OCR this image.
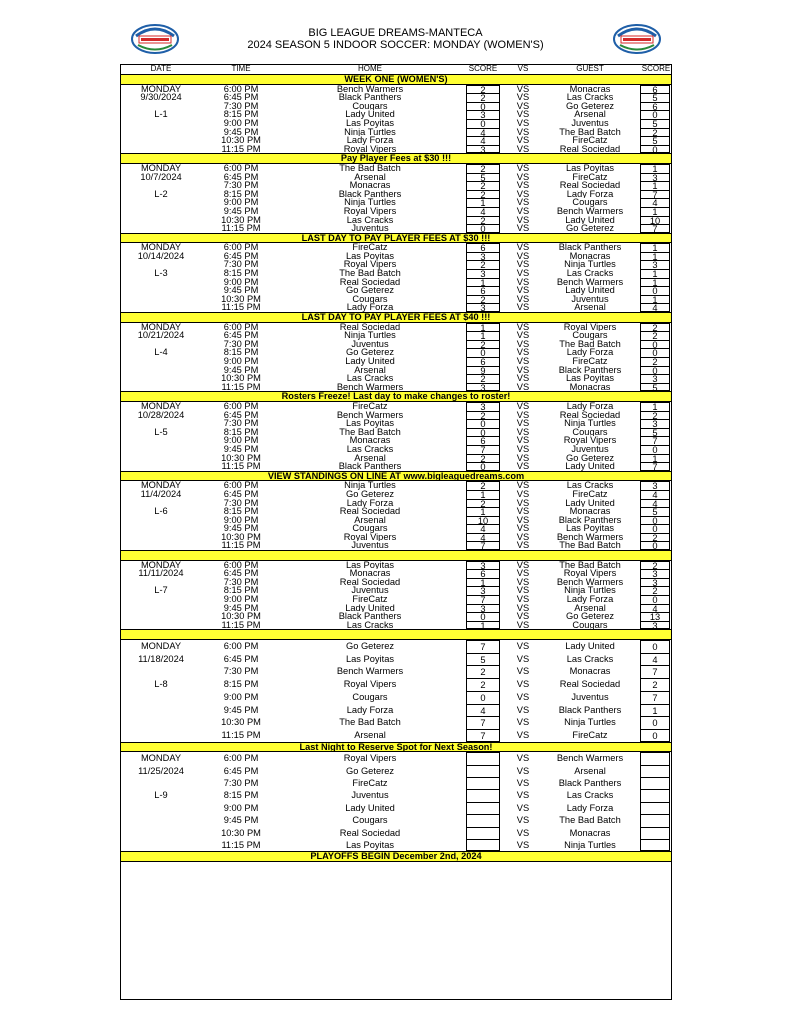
BIG LEAGUE DREAMS-MANTECA
2024 SEASON 5 INDOOR SOCCER: MONDAY (WOMEN'S)
DATE	TIME	HOME	SCORE	VS	GUEST	SCORE
WEEK ONE (WOMEN'S)						
MONDAY	6:00 PM	Bench Warmers	2	VS	Monacras	6

9/30/2024	6:45 PM	Black Panthers	2	VS	Las Cracks	5

	7:30 PM	Cougars	0	VS	Go Geterez	6

L-1	8:15 PM	Lady United	3	VS	Arsenal	0

	9:00 PM	Las Poyitas	0	VS	Juventus	5

	9:45 PM	Ninja Turtles	4	VS	The Bad Batch	2

	10:30 PM	Lady Forza	4	VS	FireCatz	5

	11:15 PM	Royal Vipers	3	VS	Real Sociedad	0

Pay Player Fees at $30 !!!						
MONDAY	6:00 PM	The Bad Batch	2	VS	Las Poyitas	1

10/7/2024	6:45 PM	Arsenal	5	VS	FireCatz	3

	7:30 PM	Monacras	2	VS	Real Sociedad	1

L-2	8:15 PM	Black Panthers	2	VS	Lady Forza	7

	9:00 PM	Ninja Turtles	1	VS	Cougars	4

	9:45 PM	Royal Vipers	4	VS	Bench Warmers	1

	10:30 PM	Las Cracks	2	VS	Lady United	10

	11:15 PM	Juventus	0	VS	Go Geterez	7

LAST DAY TO PAY PLAYER FEES AT $30 !!!						
MONDAY	6:00 PM	FireCatz	6	VS	Black Panthers	1

10/14/2024	6:45 PM	Las Poyitas	3	VS	Monacras	1

	7:30 PM	Royal Vipers	2	VS	Ninja Turtles	3

L-3	8:15 PM	The Bad Batch	3	VS	Las Cracks	1

	9:00 PM	Real Sociedad	1	VS	Bench Warmers	1

	9:45 PM	Go Geterez	6	VS	Lady United	0

	10:30 PM	Cougars	2	VS	Juventus	1

	11:15 PM	Lady Forza	3	VS	Arsenal	4

LAST DAY TO PAY PLAYER FEES AT $40 !!!						
MONDAY	6:00 PM	Real Sociedad	1	VS	Royal Vipers	2

10/21/2024	6:45 PM	Ninja Turtles	1	VS	Cougars	2

	7:30 PM	Juventus	2	VS	The Bad Batch	0

L-4	8:15 PM	Go Geterez	0	VS	Lady Forza	0

	9:00 PM	Lady United	6	VS	FireCatz	2

	9:45 PM	Arsenal	9	VS	Black Panthers	0

	10:30 PM	Las Cracks	2	VS	Las Poyitas	3

	11:15 PM	Bench Warmers	3	VS	Monacras	5

Rosters Freeze! Last day to make changes to roster!						
MONDAY	6:00 PM	FireCatz	3	VS	Lady Forza	1

10/28/2024	6:45 PM	Bench Warmers	2	VS	Real Sociedad	2

	7:30 PM	Las Poyitas	0	VS	Ninja Turtles	3

L-5	8:15 PM	The Bad Batch	0	VS	Cougars	5

	9:00 PM	Monacras	6	VS	Royal Vipers	7

	9:45 PM	Las Cracks	7	VS	Juventus	0

	10:30 PM	Arsenal	2	VS	Go Geterez	1

	11:15 PM	Black Panthers	0	VS	Lady United	7

VIEW STANDINGS ON LINE AT www.bigleaguedreams.com						
MONDAY	6:00 PM	Ninja Turtles	2	VS	Las Cracks	3

11/4/2024	6:45 PM	Go Geterez	1	VS	FireCatz	4

	7:30 PM	Lady Forza	2	VS	Lady United	4

L-6	8:15 PM	Real Sociedad	1	VS	Monacras	5

	9:00 PM	Arsenal	10	VS	Black Panthers	0

	9:45 PM	Cougars	4	VS	Las Poyitas	0

	10:30 PM	Royal Vipers	4	VS	Bench Warmers	2

	11:15 PM	Juventus	7	VS	The Bad Batch	0

MONDAY	6:00 PM	Las Poyitas	3	VS	The Bad Batch	2

11/11/2024	6:45 PM	Monacras	6	VS	Royal Vipers	3

	7:30 PM	Real Sociedad	1	VS	Bench Warmers	3

L-7	8:15 PM	Juventus	3	VS	Ninja Turtles	2

	9:00 PM	FireCatz	7	VS	Lady Forza	0

	9:45 PM	Lady United	3	VS	Arsenal	4

	10:30 PM	Black Panthers	0	VS	Go Geterez	13

	11:15 PM	Las Cracks	1	VS	Cougars	3

MONDAY	6:00 PM	Go Geterez	7	VS	Lady United	0

11/18/2024	6:45 PM	Las Poyitas	5	VS	Las Cracks	4

	7:30 PM	Bench Warmers	2	VS	Monacras	7

L-8	8:15 PM	Royal Vipers	2	VS	Real Sociedad	2

	9:00 PM	Cougars	0	VS	Juventus	7

	9:45 PM	Lady Forza	4	VS	Black Panthers	1

	10:30 PM	The Bad Batch	7	VS	Ninja Turtles	0

	11:15 PM	Arsenal	7	VS	FireCatz	0

Last Night to Reserve Spot for Next Season!						
MONDAY	6:00 PM	Royal Vipers		VS	Bench Warmers	

11/25/2024	6:45 PM	Go Geterez		VS	Arsenal	

	7:30 PM	FireCatz		VS	Black Panthers	

L-9	8:15 PM	Juventus		VS	Las Cracks	

	9:00 PM	Lady United		VS	Lady Forza	

	9:45 PM	Cougars		VS	The Bad Batch	

	10:30 PM	Real Sociedad		VS	Monacras	

	11:15 PM	Las Poyitas		VS	Ninja Turtles	

PLAYOFFS BEGIN December 2nd, 2024						
